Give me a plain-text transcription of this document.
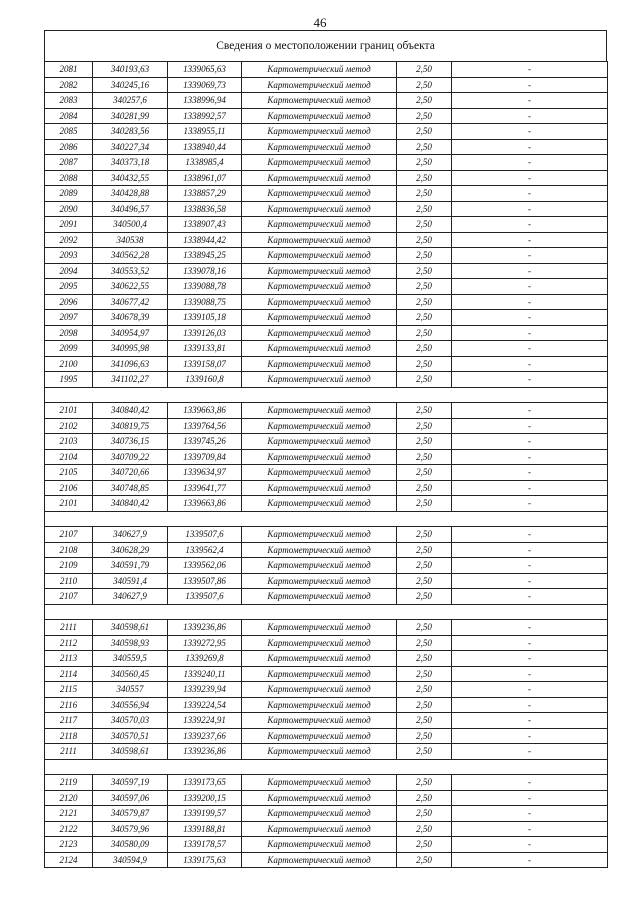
46
Сведения о местоположении границ объекта
2081	340193,63	1339065,63	Картометрический метод	2,50	-
2082	340245,16	1339069,73	Картометрический метод	2,50	-
2083	340257,6	1338996,94	Картометрический метод	2,50	-
2084	340281,99	1338992,57	Картометрический метод	2,50	-
2085	340283,56	1338955,11	Картометрический метод	2,50	-
2086	340227,34	1338940,44	Картометрический метод	2,50	-
2087	340373,18	1338985,4	Картометрический метод	2,50	-
2088	340432,55	1338961,07	Картометрический метод	2,50	-
2089	340428,88	1338857,29	Картометрический метод	2,50	-
2090	340496,57	1338836,58	Картометрический метод	2,50	-
2091	340500,4	1338907,43	Картометрический метод	2,50	-
2092	340538	1338944,42	Картометрический метод	2,50	-
2093	340562,28	1338945,25	Картометрический метод	2,50	-
2094	340553,52	1339078,16	Картометрический метод	2,50	-
2095	340622,55	1339088,78	Картометрический метод	2,50	-
2096	340677,42	1339088,75	Картометрический метод	2,50	-
2097	340678,39	1339105,18	Картометрический метод	2,50	-
2098	340954,97	1339126,03	Картометрический метод	2,50	-
2099	340995,98	1339133,81	Картометрический метод	2,50	-
2100	341096,63	1339158,07	Картометрический метод	2,50	-
1995	341102,27	1339160,8	Картометрический метод	2,50	-

2101	340840,42	1339663,86	Картометрический метод	2,50	-
2102	340819,75	1339764,56	Картометрический метод	2,50	-
2103	340736,15	1339745,26	Картометрический метод	2,50	-
2104	340709,22	1339709,84	Картометрический метод	2,50	-
2105	340720,66	1339634,97	Картометрический метод	2,50	-
2106	340748,85	1339641,77	Картометрический метод	2,50	-
2101	340840,42	1339663,86	Картометрический метод	2,50	-

2107	340627,9	1339507,6	Картометрический метод	2,50	-
2108	340628,29	1339562,4	Картометрический метод	2,50	-
2109	340591,79	1339562,06	Картометрический метод	2,50	-
2110	340591,4	1339507,86	Картометрический метод	2,50	-
2107	340627,9	1339507,6	Картометрический метод	2,50	-

2111	340598,61	1339236,86	Картометрический метод	2,50	-
2112	340598,93	1339272,95	Картометрический метод	2,50	-
2113	340559,5	1339269,8	Картометрический метод	2,50	-
2114	340560,45	1339240,11	Картометрический метод	2,50	-
2115	340557	1339239,94	Картометрический метод	2,50	-
2116	340556,94	1339224,54	Картометрический метод	2,50	-
2117	340570,03	1339224,91	Картометрический метод	2,50	-
2118	340570,51	1339237,66	Картометрический метод	2,50	-
2111	340598,61	1339236,86	Картометрический метод	2,50	-

2119	340597,19	1339173,65	Картометрический метод	2,50	-
2120	340597,06	1339200,15	Картометрический метод	2,50	-
2121	340579,87	1339199,57	Картометрический метод	2,50	-
2122	340579,96	1339188,81	Картометрический метод	2,50	-
2123	340580,09	1339178,57	Картометрический метод	2,50	-
2124	340594,9	1339175,63	Картометрический метод	2,50	-
